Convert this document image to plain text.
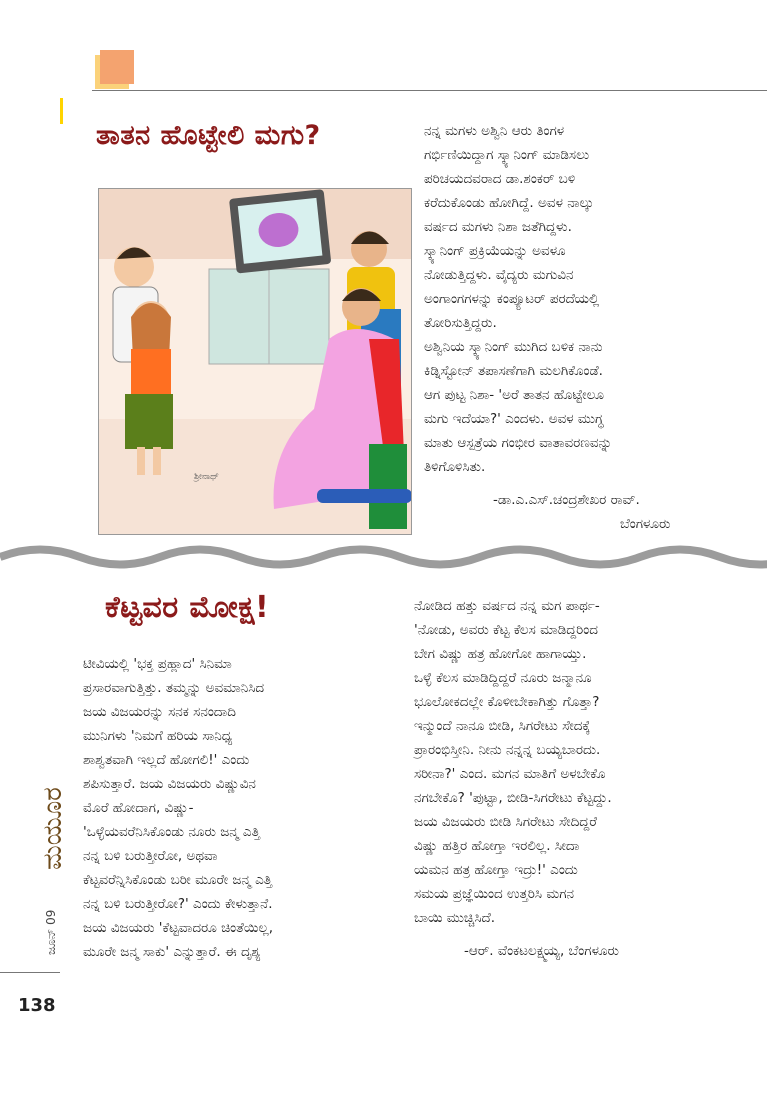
ತಾತನ ಹೊಟ್ಟೇಲಿ ಮಗು?
ಶ್ರೀನಾಥ್
ನನ್ನ ಮಗಳು ಅಶ್ವಿನಿ ಆರು ತಿಂಗಳ
ಗರ್ಭಿಣಿಯಿದ್ದಾಗ ಸ್ಕ್ಯಾನಿಂಗ್ ಮಾಡಿಸಲು
ಪರಿಚಯದವರಾದ ಡಾ.ಶಂಕರ್ ಬಳಿ
ಕರೆದುಕೊಂಡು ಹೋಗಿದ್ದೆ. ಅವಳ ನಾಲ್ಕು
ವರ್ಷದ ಮಗಳು ನಿಶಾ ಜತೆಗಿದ್ದಳು.
ಸ್ಕ್ಯಾನಿಂಗ್ ಪ್ರಕ್ರಿಯೆಯನ್ನು ಅವಳೂ
ನೋಡುತ್ತಿದ್ದಳು. ವೈದ್ಯರು ಮಗುವಿನ
ಅಂಗಾಂಗಗಳನ್ನು ಕಂಪ್ಯೂಟರ್ ಪರದೆಯಲ್ಲಿ
ತೋರಿಸುತ್ತಿದ್ದರು.
ಅಶ್ವಿನಿಯ ಸ್ಕ್ಯಾನಿಂಗ್ ಮುಗಿದ ಬಳಿಕ ನಾನು
ಕಿಡ್ನಿಸ್ಟೋನ್ ತಪಾಸಣೆಗಾಗಿ ಮಲಗಿಕೊಂಡೆ.
ಆಗ ಪುಟ್ಟ ನಿಶಾ- 'ಅರೆ ತಾತನ ಹೊಟ್ಟೇಲೂ
ಮಗು ಇದೆಯಾ?' ಎಂದಳು. ಅವಳ ಮುಗ್ಧ
ಮಾತು ಆಸ್ಪತ್ರೆಯ ಗಂಭೀರ ವಾತಾವರಣವನ್ನು
ತಿಳಿಗೊಳಿಸಿತು.
-ಡಾ.ಎ.ಎಸ್.ಚಂದ್ರಶೇಖರ ರಾವ್.
ಬೆಂಗಳೂರು
ಕೆಟ್ಟವರ ಮೋಕ್ಷ!
ಟೀವಿಯಲ್ಲಿ 'ಭಕ್ತ ಪ್ರಹ್ಲಾದ' ಸಿನಿಮಾ
ಪ್ರಸಾರವಾಗುತ್ತಿತ್ತು. ತಮ್ಮನ್ನು ಅವಮಾನಿಸಿದ
ಜಯ ವಿಜಯರನ್ನು ಸನಕ ಸನಂದಾದಿ
ಮುನಿಗಳು 'ನಿಮಗೆ ಹರಿಯ ಸಾನಿಧ್ಯ
ಶಾಶ್ವತವಾಗಿ ಇಲ್ಲದೆ ಹೋಗಲಿ!' ಎಂದು
ಶಪಿಸುತ್ತಾರೆ. ಜಯ ವಿಜಯರು ವಿಷ್ಣುವಿನ
ಮೊರೆ ಹೋದಾಗ, ವಿಷ್ಣು-
'ಒಳ್ಳೆಯವರೆನಿಸಿಕೊಂಡು ನೂರು ಜನ್ಮ ಎತ್ತಿ
ನನ್ನ ಬಳಿ ಬರುತ್ತೀರೋ, ಅಥವಾ
ಕೆಟ್ಟವರೆನ್ನಿಸಿಕೊಂಡು ಬರೀ ಮೂರೇ ಜನ್ಮ ಎತ್ತಿ
ನನ್ನ ಬಳಿ ಬರುತ್ತೀರೋ?' ಎಂದು ಕೇಳುತ್ತಾನೆ.
ಜಯ ವಿಜಯರು 'ಕೆಟ್ಟವಾದರೂ ಚಿಂತೆಯಿಲ್ಲ,
ಮೂರೇ ಜನ್ಮ ಸಾಕು' ಎನ್ನುತ್ತಾರೆ. ಈ ದೃಶ್ಯ
ನೋಡಿದ ಹತ್ತು ವರ್ಷದ ನನ್ನ ಮಗ ಪಾರ್ಥ-
'ನೋಡು, ಅವರು ಕೆಟ್ಟ ಕೆಲಸ ಮಾಡಿದ್ದರಿಂದ
ಬೇಗ ವಿಷ್ಣು ಹತ್ರ ಹೋಗೋ ಹಾಗಾಯ್ತು.
ಒಳ್ಳೆ ಕೆಲಸ ಮಾಡಿದ್ದಿದ್ದರೆ ನೂರು ಜನ್ಮಾನೂ
ಭೂಲೋಕದಲ್ಲೇ ಕೊಳೀಬೇಕಾಗಿತ್ತು ಗೊತ್ತಾ?
ಇನ್ಮುಂದೆ ನಾನೂ ಬೀಡಿ, ಸಿಗರೇಟು ಸೇದಕ್ಕೆ
ಪ್ರಾರಂಭಿಸ್ತೀನಿ. ನೀನು ನನ್ನನ್ನ ಬಯ್ಯಬಾರದು.
ಸರೀನಾ?' ಎಂದ. ಮಗನ ಮಾತಿಗೆ ಅಳಬೇಕೊ
ನಗಬೇಕೊ? 'ಪುಟ್ಟಾ, ಬೀಡಿ-ಸಿಗರೇಟು ಕೆಟ್ಟದ್ದು.
ಜಯ ವಿಜಯರು ಬೀಡಿ ಸಿಗರೇಟು ಸೇದಿದ್ದರೆ
ವಿಷ್ಣು ಹತ್ತಿರ ಹೋಗ್ತಾ ಇರಲಿಲ್ಲ. ಸೀದಾ
ಯಮನ ಹತ್ರ ಹೋಗ್ತಾ ಇದ್ರು!' ಎಂದು
ಸಮಯ ಪ್ರಜ್ಞೆಯಿಂದ ಉತ್ತರಿಸಿ ಮಗನ
ಬಾಯಿ ಮುಚ್ಚಿಸಿದೆ.
-ಆರ್. ವೆಂಕಟಲಕ್ಷ್ಮಯ್ಯ, ಬೆಂಗಳೂರು
ಮಯೂರ
ಜೂನ್ 09
138
